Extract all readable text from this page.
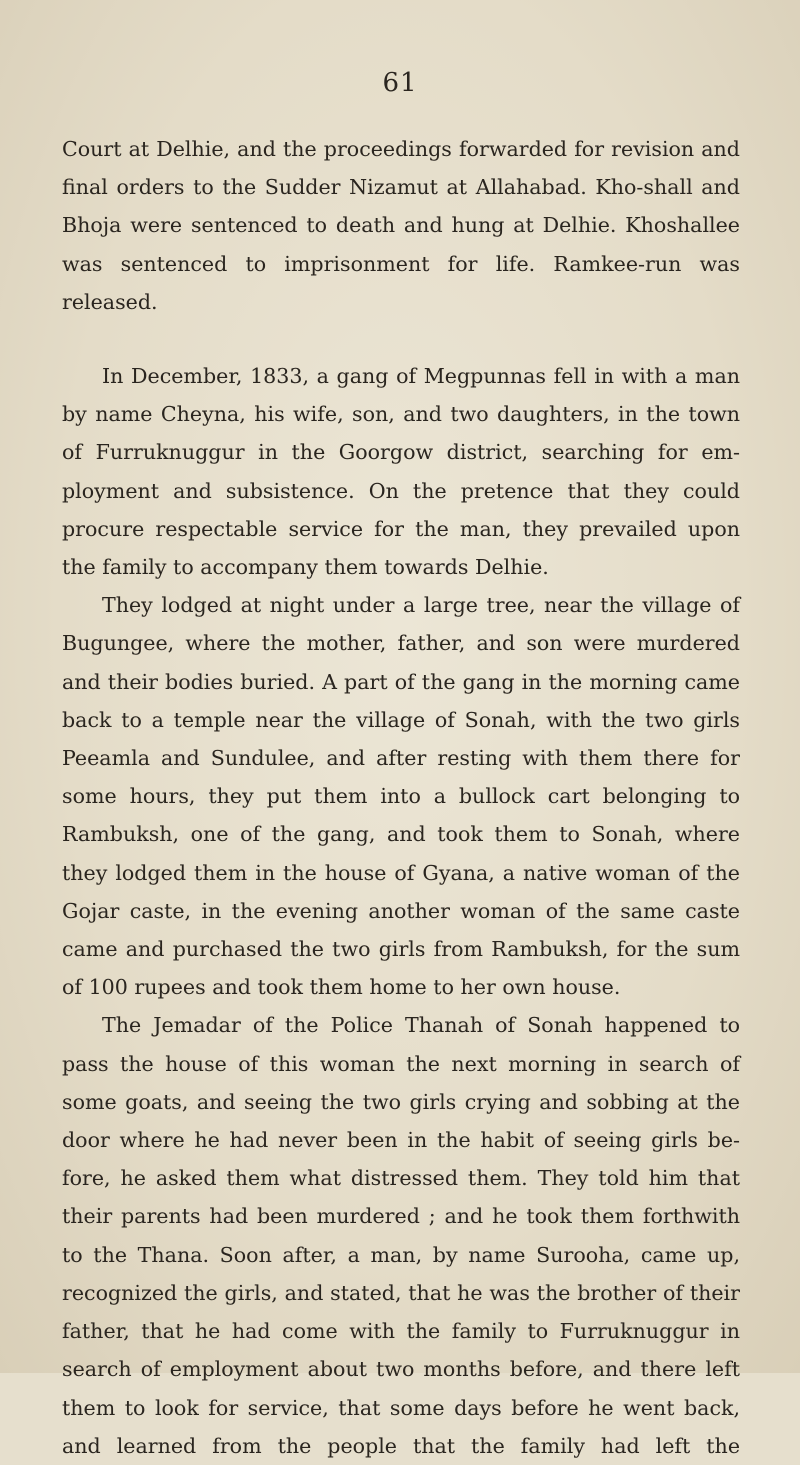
61

Court at Delhie, and the proceedings forwarded for revision and final orders to the Sudder Nizamut at Allahabad. Kho-shall and Bhoja were sentenced to death and hung at Delhie. Khoshallee was sentenced to imprisonment for life. Ramkee-run was released.

In December, 1833, a gang of Megpunnas fell in with a man by name Cheyna, his wife, son, and two daughters, in the town of Furruknuggur in the Goorgow district, searching for em-ployment and subsistence. On the pretence that they could procure respectable service for the man, they prevailed upon the family to accompany them towards Delhie.

They lodged at night under a large tree, near the village of Bugungee, where the mother, father, and son were murdered and their bodies buried. A part of the gang in the morning came back to a temple near the village of Sonah, with the two girls Peeamla and Sundulee, and after resting with them there for some hours, they put them into a bullock cart belonging to Rambuksh, one of the gang, and took them to Sonah, where they lodged them in the house of Gyana, a native woman of the Gojar caste, in the evening another woman of the same caste came and purchased the two girls from Rambuksh, for the sum of 100 rupees and took them home to her own house.

The Jemadar of the Police Thanah of Sonah happened to pass the house of this woman the next morning in search of some goats, and seeing the two girls crying and sobbing at the door where he had never been in the habit of seeing girls be-fore, he asked them what distressed them. They told him that their parents had been murdered ; and he took them forthwith to the Thana. Soon after, a man, by name Surooha, came up, recognized the girls, and stated, that he was the brother of their father, that he had come with the family to Furruknuggur in search of employment about two months before, and there left them to look for service, that some days before he went back, and learned from the people that the family had left the
